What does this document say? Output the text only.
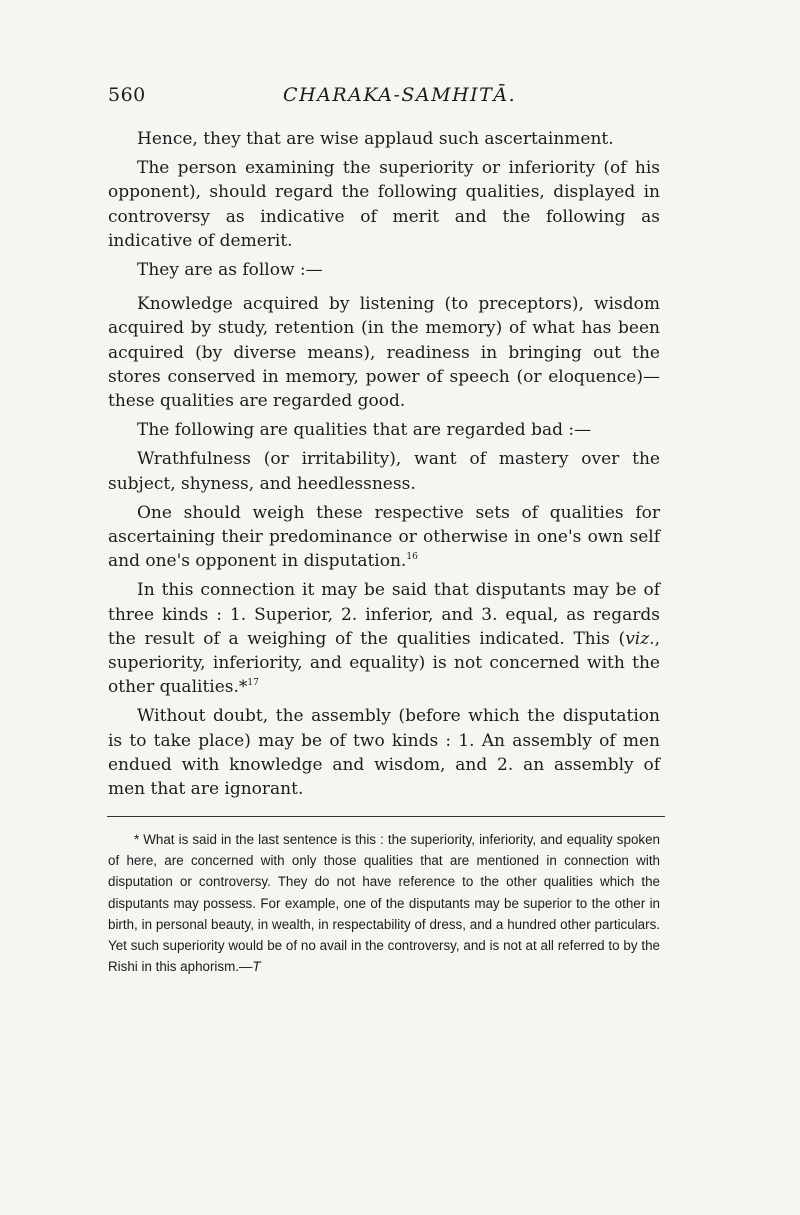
560	CHARAKA-SAMHITĀ.

Hence, they that are wise applaud such ascertainment.

The person examining the superiority or inferiority (of his opponent), should regard the following qualities, displayed in controversy as indicative of merit and the following as indicative of demerit.

They are as follow :—

Knowledge acquired by listening (to preceptors), wisdom acquired by study, retention (in the memory) of what has been acquired (by diverse means), readiness in bringing out the stores conserved in memory, power of speech (or eloquence)—these qualities are regarded good.

The following are qualities that are regarded bad :—

Wrathfulness (or irritability), want of mastery over the subject, shyness, and heedlessness.

One should weigh these respective sets of qualities for ascertaining their predominance or otherwise in one's own self and one's opponent in disputation.$^{16}$

In this connection it may be said that disputants may be of three kinds : 1. Superior, 2. inferior, and 3. equal, as regards the result of a weighing of the qualities indicated. This (viz., superiority, inferiority, and equality) is not concerned with the other qualities.*$^{17}$

Without doubt, the assembly (before which the disputation is to take place) may be of two kinds : 1. An assembly of men endued with knowledge and wisdom, and 2. an assembly of men that are ignorant.

* What is said in the last sentence is this : the superiority, inferiority, and equality spoken of here, are concerned with only those qualities that are mentioned in connection with disputation or controversy. They do not have reference to the other qualities which the disputants may possess. For example, one of the disputants may be superior to the other in birth, in personal beauty, in wealth, in respectability of dress, and a hundred other particulars. Yet such superiority would be of no avail in the controversy, and is not at all referred to by the Rishi in this aphorism.—T
